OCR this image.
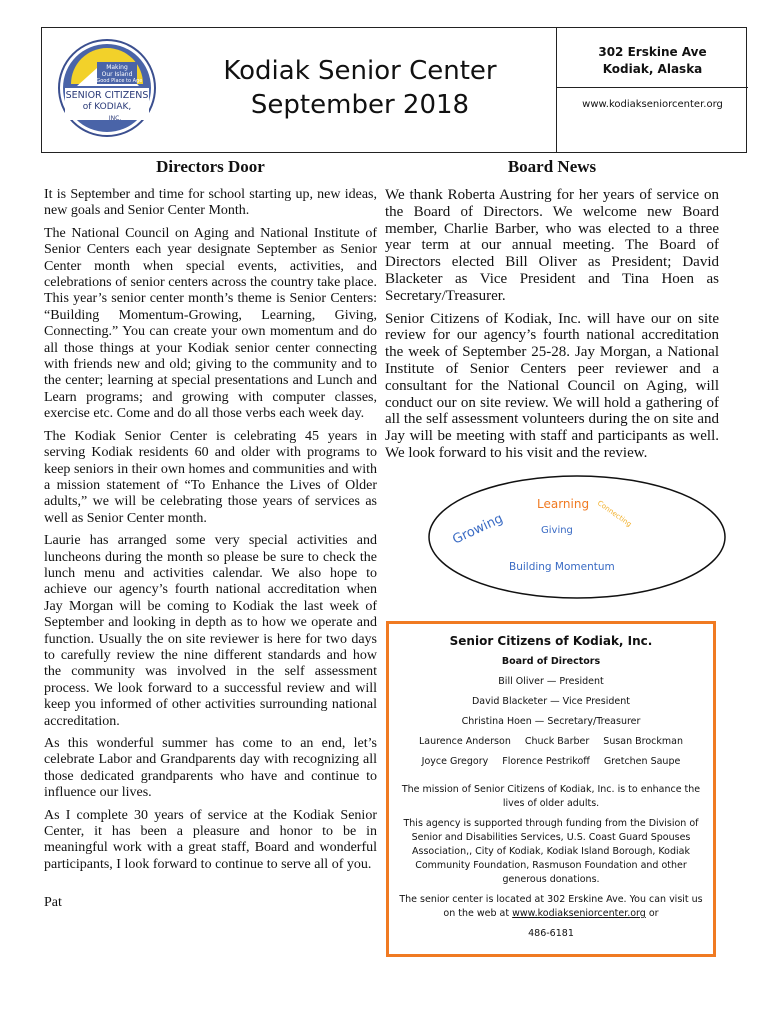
Making
Our Island
a Good Place to Age
SENIOR CITIZENS
of KODIAK,
INC.
Kodiak Senior Center
September 2018
302 Erskine Ave
Kodiak, Alaska
www.kodiakseniorcenter.org
Directors Door

It is September and time for school starting up, new ideas, new goals and Senior Center Month.

The National Council on Aging and National Institute of Senior Centers each year designate September as Senior Center month when special events, activities, and celebrations of senior centers across the country take place. This year’s senior center month’s theme is Senior Centers: “Building Momentum-Growing, Learning, Giving, Connecting.” You can create your own momentum and do all those things at your Kodiak senior center connecting with friends new and old; giving to the community and to the center; learning at special presentations and Lunch and Learn programs; and growing with computer classes, exercise etc. Come and do all those verbs each week day.

The Kodiak Senior Center is celebrating 45 years in serving Kodiak residents 60 and older with programs to keep seniors in their own homes and communities and with a mission statement of “To Enhance the Lives of Older adults,” we will be celebrating those years of services as well as Senior Center month.

Laurie has arranged some very special activities and luncheons during the month so please be sure to check the lunch menu and activities calendar. We also hope to achieve our agency’s fourth national accreditation when Jay Morgan will be coming to Kodiak the last week of September and looking in depth as to how we operate and function. Usually the on site reviewer is here for two days to carefully review the nine different standards and how the community was involved in the self assessment process. We look forward to a successful review and will keep you informed of other activities surrounding national accreditation.

As this wonderful summer has come to an end, let’s celebrate Labor and Grandparents day with recognizing all those dedicated grandparents who have and continue to influence our lives.

As I complete 30 years of service at the Kodiak Senior Center, it has been a pleasure and honor to be in meaningful work with a great staff, Board and wonderful participants, I look forward to continue to serve all of you.

Pat

Board News

We thank Roberta Austring for her years of service on the Board of Directors. We welcome new Board member, Charlie Barber, who was elected to a three year term at our annual meeting. The Board of Directors elected Bill Oliver as President; David Blacketer as Vice President and Tina Hoen as Secretary/Treasurer.

Senior Citizens of Kodiak, Inc. will have our on site review for our agency’s fourth national accreditation the week of September 25-28. Jay Morgan, a National Institute of Senior Centers peer reviewer and a consultant for the National Council on Aging, will conduct our on site review. We will hold a gathering of all the self assessment volunteers during the on site and Jay will be meeting with staff and participants as well. We look forward to his visit and the review.

Learning Connecting
Growing	Giving
Building Momentum
Senior Citizens of Kodiak, Inc.
Board of Directors
Bill Oliver — President
David Blacketer — Vice President
Christina Hoen — Secretary/Treasurer
Laurence Anderson Chuck Barber Susan Brockman
Joyce Gregory Florence Pestrikoff Gretchen Saupe
The mission of Senior Citizens of Kodiak, Inc. is to enhance the lives of older adults.
This agency is supported through funding from the Division of Senior and Disabilities Services, U.S. Coast Guard Spouses Association,, City of Kodiak, Kodiak Island Borough, Kodiak Community Foundation, Rasmuson Foundation and other generous donations.
The senior center is located at 302 Erskine Ave. You can visit us on the web at www.kodiakseniorcenter.org or
486-6181
